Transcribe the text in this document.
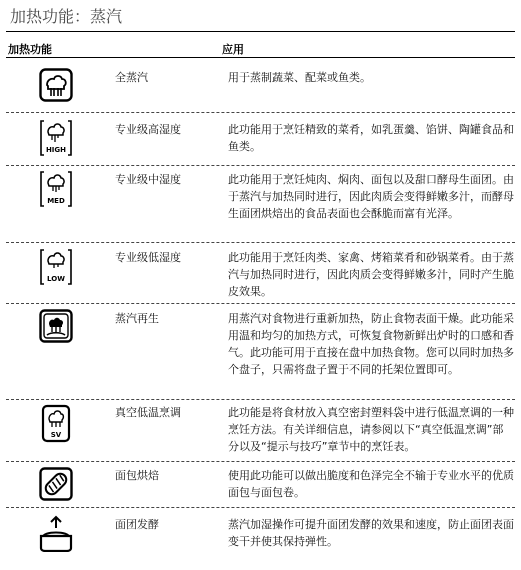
加热功能：蒸汽
加热功能	应用
全蒸汽	用于蒸制蔬菜、配菜或鱼类。
HIGH
专业级高湿度	此功能用于烹饪精致的菜肴，如乳蛋羹、馅饼、陶罐食品和鱼类。
MED
专业级中湿度	此功能用于烹饪炖肉、焖肉、面包以及甜口酵母生面团。由于蒸汽与加热同时进行，因此肉质会变得鲜嫩多汁，而酵母生面团烘焙出的食品表面也会酥脆而富有光泽。
LOW
专业级低湿度	此功能用于烹饪肉类、家禽、烤箱菜肴和砂锅菜肴。由于蒸汽与加热同时进行，因此肉质会变得鲜嫩多汁，同时产生脆皮效果。
蒸汽再生	用蒸汽对食物进行重新加热，防止食物表面干燥。此功能采用温和均匀的加热方式，可恢复食物新鲜出炉时的口感和香气。此功能可用于直接在盘中加热食物。您可以同时加热多个盘子，只需将盘子置于不同的托架位置即可。
SV
真空低温烹调	此功能是将食材放入真空密封塑料袋中进行低温烹调的一种烹饪方法。有关详细信息，请参阅以下“真空低温烹调”部分以及“提示与技巧”章节中的烹饪表。
面包烘焙	使用此功能可以做出脆度和色泽完全不输于专业水平的优质面包与面包卷。
面团发酵	蒸汽加湿操作可提升面团发酵的效果和速度，防止面团表面变干并使其保持弹性。
